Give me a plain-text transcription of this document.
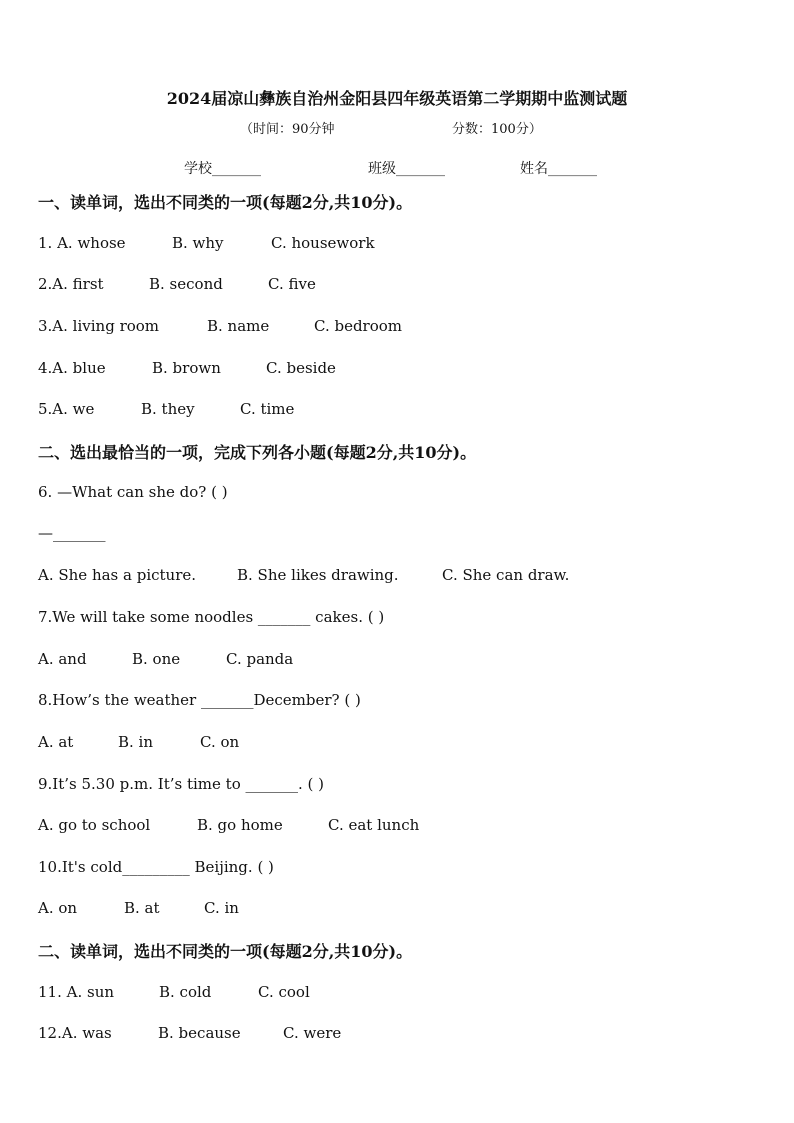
2024届凉山彝族自治州金阳县四年级英语第二学期期中监测试题
（时间：90分钟	分数：100分）
学校_______	班级_______	姓名_______
一、读单词，选出不同类的一项(每题2分,共10分)。
1. A. whose	B. why	C. housework
2.A. first	B. second	C. five
3.A. living room	B. name	C. bedroom
4.A. blue	B. brown	C. beside
5.A. we	B. they	C. time
二、选出最恰当的一项，完成下列各小题(每题2分,共10分)。
6. —What can she do? ( )
—_______
A. She has a picture.	B. She likes drawing.	C. She can draw.
7.We will take some noodles _______ cakes. ( )
A. and	B. one	C. panda
8.How’s the weather _______December? ( )
A. at	B. in	C. on
9.It’s 5.30 p.m. It’s time to _______. ( )
A. go to school	B. go home	C. eat lunch
10.It's cold_________ Beijing. ( )
A. on	B. at	C. in
二、读单词，选出不同类的一项(每题2分,共10分)。
11. A. sun	B. cold	C. cool
12.A. was	B. because	C. were
